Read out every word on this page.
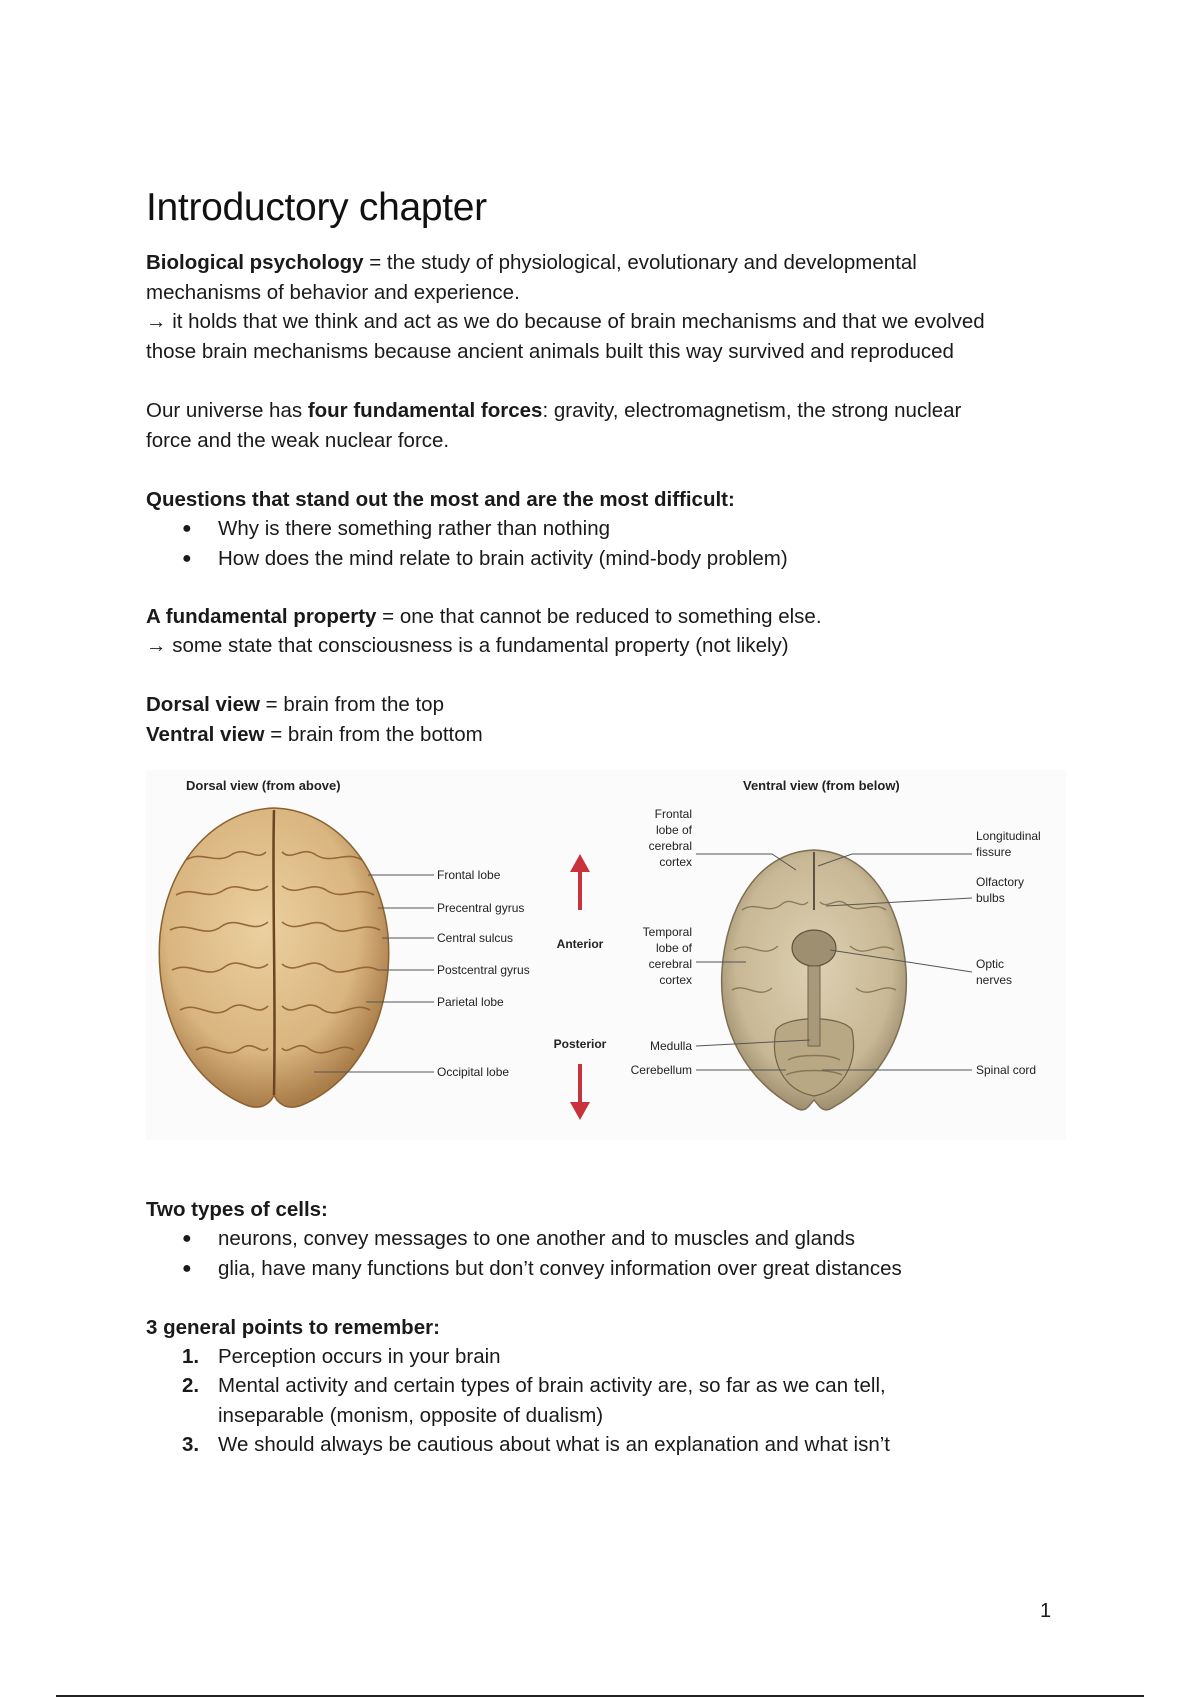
Introductory chapter

Biological psychology = the study of physiological, evolutionary and developmental

mechanisms of behavior and experience.

→ it holds that we think and act as we do because of brain mechanisms and that we evolved

those brain mechanisms because ancient animals built this way survived and reproduced

Our universe has four fundamental forces: gravity, electromagnetism, the strong nuclear

force and the weak nuclear force.

Questions that stand out the most and are the most difficult:

● Why is there something rather than nothing
● How does the mind relate to brain activity (mind-body problem)

A fundamental property = one that cannot be reduced to something else.

→ some state that consciousness is a fundamental property (not likely)

Dorsal view = brain from the top

Ventral view = brain from the bottom

Two types of cells:

● neurons, convey messages to one another and to muscles and glands
● glia, have many functions but don’t convey information over great distances

3 general points to remember:

1. Perception occurs in your brain
2. Mental activity and certain types of brain activity are, so far as we can tell,
inseparable (monism, opposite of dualism)
3. We should always be cautious about what is an explanation and what isn’t
Dorsal view (from above)	Ventral view (from below)
Frontal lobe
Precentral gyrus
Central sulcus
Postcentral gyrus
Parietal lobe
Occipital lobe
Anterior
Posterior
Frontal
lobe of
cerebral
cortex
Temporal
lobe of
cerebral
cortex
Medulla
Cerebellum
Longitudinal
fissure
Olfactory
bulbs
Optic
nerves
Spinal cord
1
